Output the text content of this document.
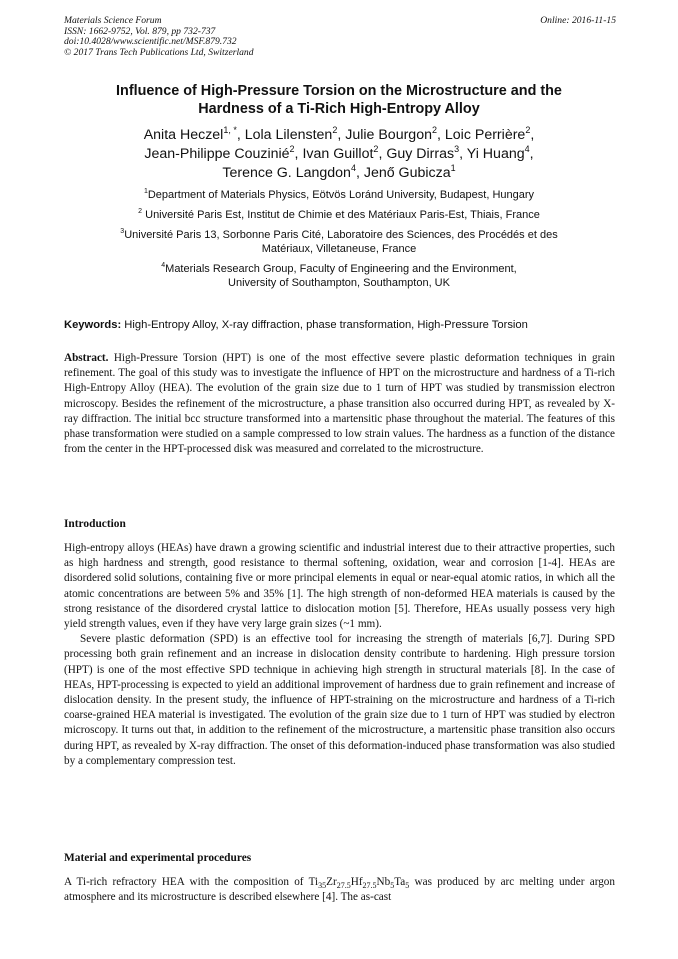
Materials Science Forum
ISSN: 1662-9752, Vol. 879, pp 732-737
doi:10.4028/www.scientific.net/MSF.879.732
© 2017 Trans Tech Publications Ltd, Switzerland
Online: 2016-11-15
Influence of High-Pressure Torsion on the Microstructure and the
Hardness of a Ti-Rich High-Entropy Alloy
Anita Heczel$^{1, *}$, Lola Lilensten$^2$, Julie Bourgon$^2$, Loic Perrière$^2$,
Jean-Philippe Couzinié$^2$, Ivan Guillot$^2$, Guy Dirras$^3$, Yi Huang$^4$,
Terence G. Langdon$^4$, Jenő Gubicza$^1$

$^1$Department of Materials Physics, Eötvös Loránd University, Budapest, Hungary

$^2$ Université Paris Est, Institut de Chimie et des Matériaux Paris-Est, Thiais, France

$^3$Université Paris 13, Sorbonne Paris Cité, Laboratoire des Sciences, des Procédés et des
Matériaux, Villetaneuse, France

$^4$Materials Research Group, Faculty of Engineering and the Environment,
University of Southampton, Southampton, UK

Keywords: High-Entropy Alloy, X-ray diffraction, phase transformation, High-Pressure Torsion

Abstract. High-Pressure Torsion (HPT) is one of the most effective severe plastic deformation techniques in grain refinement. The goal of this study was to investigate the influence of HPT on the microstructure and hardness of a Ti-rich High-Entropy Alloy (HEA). The evolution of the grain size due to 1 turn of HPT was studied by transmission electron microscopy. Besides the refinement of the microstructure, a phase transition also occurred during HPT, as revealed by X-ray diffraction. The initial bcc structure transformed into a martensitic phase throughout the material. The features of this phase transformation were studied on a sample compressed to low strain values. The hardness as a function of the distance from the center in the HPT-processed disk was measured and correlated to the microstructure.

Introduction

High-entropy alloys (HEAs) have drawn a growing scientific and industrial interest due to their attractive properties, such as high hardness and strength, good resistance to thermal softening, oxidation, wear and corrosion [1-4]. HEAs are disordered solid solutions, containing five or more principal elements in equal or near-equal atomic ratios, in which all the atomic concentrations are between 5% and 35% [1]. The high strength of non-deformed HEA materials is caused by the strong resistance of the disordered crystal lattice to dislocation motion [5]. Therefore, HEAs usually possess very high yield strength values, even if they have very large grain sizes (~1 mm).

Severe plastic deformation (SPD) is an effective tool for increasing the strength of materials [6,7]. During SPD processing both grain refinement and an increase in dislocation density contribute to hardening. High pressure torsion (HPT) is one of the most effective SPD technique in achieving high strength in structural materials [8]. In the case of HEAs, HPT-processing is expected to yield an additional improvement of hardness due to grain refinement and increase of dislocation density. In the present study, the influence of HPT-straining on the microstructure and hardness of a Ti-rich coarse-grained HEA material is investigated. The evolution of the grain size due to 1 turn of HPT was studied by electron microscopy. It turns out that, in addition to the refinement of the microstructure, a martensitic phase transition also occurs during HPT, as revealed by X-ray diffraction. The onset of this deformation-induced phase transformation was also studied by a complementary compression test.

Material and experimental procedures

A Ti-rich refractory HEA with the composition of $Ti_{35}Zr_{27.5}Hf_{27.5}Nb_5Ta_5$ was produced by arc melting under argon atmosphere and its microstructure is described elsewhere [4]. The as-cast
